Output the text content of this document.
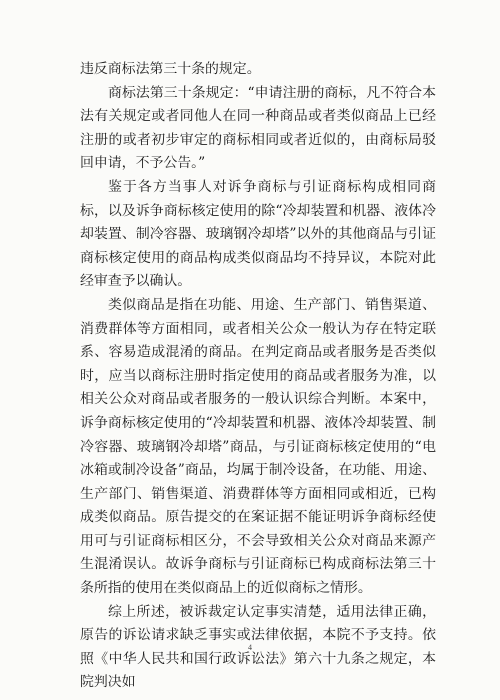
违反商标法第三十条的规定。

商标法第三十条规定：“申请注册的商标，凡不符合本法有关规定或者同他人在同一种商品或者类似商品上已经注册的或者初步审定的商标相同或者近似的，由商标局驳回申请，不予公告。”

鉴于各方当事人对诉争商标与引证商标构成相同商标，以及诉争商标核定使用的除“冷却装置和机器、液体冷却装置、制冷容器、玻璃钢冷却塔”以外的其他商品与引证商标核定使用的商品构成类似商品均不持异议，本院对此经审查予以确认。

类似商品是指在功能、用途、生产部门、销售渠道、消费群体等方面相同，或者相关公众一般认为存在特定联系、容易造成混淆的商品。在判定商品或者服务是否类似时，应当以商标注册时指定使用的商品或者服务为准，以相关公众对商品或者服务的一般认识综合判断。本案中，诉争商标核定使用的“冷却装置和机器、液体冷却装置、制冷容器、玻璃钢冷却塔”商品，与引证商标核定使用的“电冰箱或制冷设备”商品，均属于制冷设备，在功能、用途、生产部门、销售渠道、消费群体等方面相同或相近，已构成类似商品。原告提交的在案证据不能证明诉争商标经使用可与引证商标相区分，不会导致相关公众对商品来源产生混淆误认。故诉争商标与引证商标已构成商标法第三十条所指的使用在类似商品上的近似商标之情形。

综上所述，被诉裁定认定事实清楚，适用法律正确，原告的诉讼请求缺乏事实或法律依据，本院不予支持。依照《中华人民共和国行政诉讼法》第六十九条之规定，本院判决如

4
